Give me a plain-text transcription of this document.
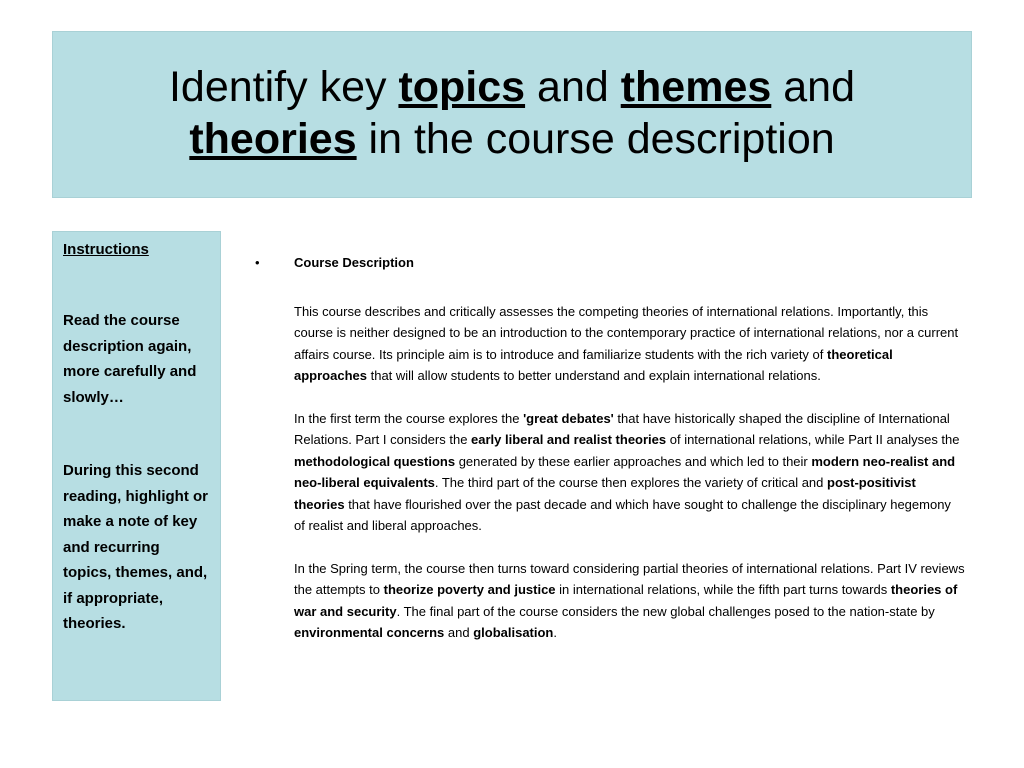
Identify key topics and themes and
theories in the course description

Instructions

Read the course description again, more carefully and slowly…

During this second reading, highlight or make a note of key and recurring topics, themes, and, if appropriate, theories.

•	Course Description

This course describes and critically assesses the competing theories of international relations. Importantly, this course is neither designed to be an introduction to the contemporary practice of international relations, nor a current affairs course. Its principle aim is to introduce and familiarize students with the rich variety of theoretical approaches that will allow students to better understand and explain international relations.

In the first term the course explores the 'great debates' that have historically shaped the discipline of International Relations. Part I considers the early liberal and realist theories of international relations, while Part II analyses the methodological questions generated by these earlier approaches and which led to their modern neo-realist and neo-liberal equivalents. The third part of the course then explores the variety of critical and post-positivist theories that have flourished over the past decade and which have sought to challenge the disciplinary hegemony of realist and liberal approaches.

In the Spring term, the course then turns toward considering partial theories of international relations. Part IV reviews the attempts to theorize poverty and justice in international relations, while the fifth part turns towards theories of war and security. The final part of the course considers the new global challenges posed to the nation-state by environmental concerns and globalisation.
